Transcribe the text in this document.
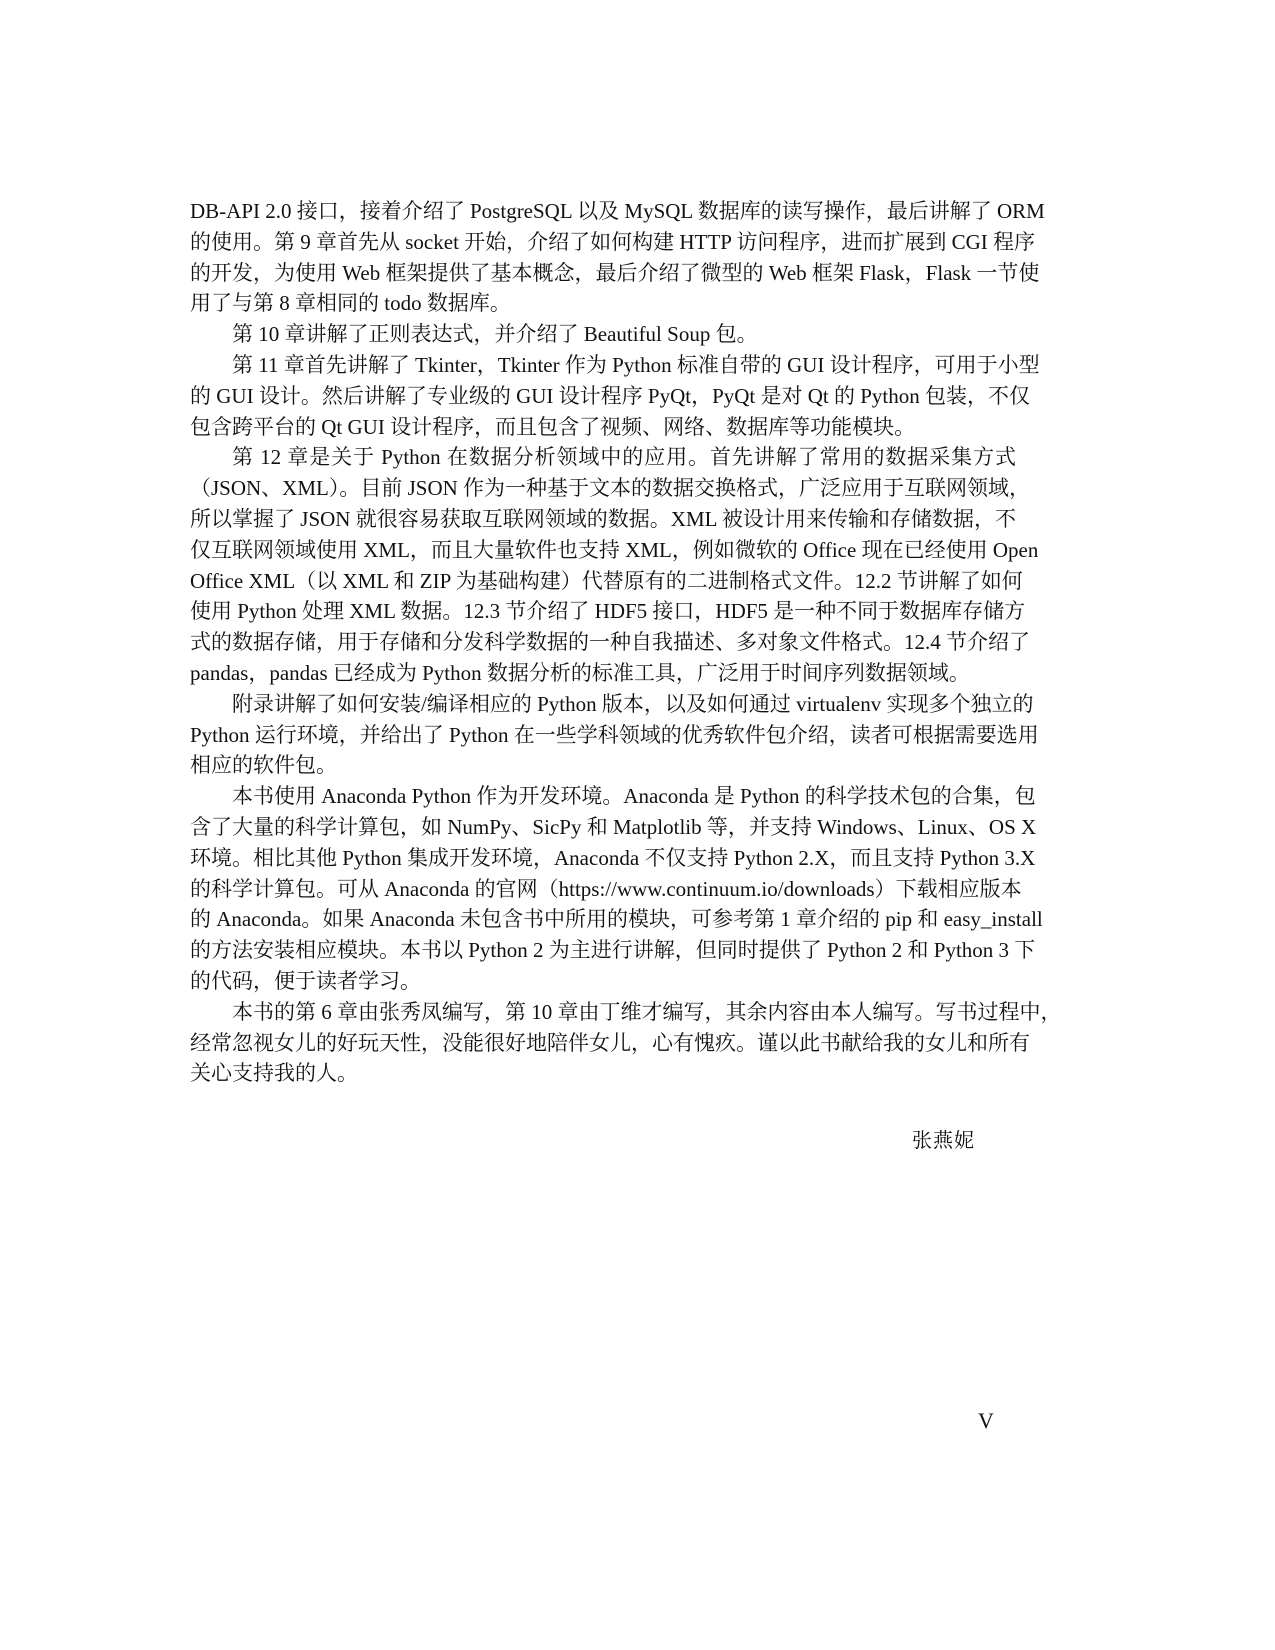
DB-API 2.0 接口，接着介绍了 PostgreSQL 以及 MySQL 数据库的读写操作，最后讲解了 ORM
的使用。第 9 章首先从 socket 开始，介绍了如何构建 HTTP 访问程序，进而扩展到 CGI 程序
的开发，为使用 Web 框架提供了基本概念，最后介绍了微型的 Web 框架 Flask，Flask 一节使
用了与第 8 章相同的 todo 数据库。
第 10 章讲解了正则表达式，并介绍了 Beautiful Soup 包。
第 11 章首先讲解了 Tkinter，Tkinter 作为 Python 标准自带的 GUI 设计程序，可用于小型
的 GUI 设计。然后讲解了专业级的 GUI 设计程序 PyQt，PyQt 是对 Qt 的 Python 包装，不仅
包含跨平台的 Qt GUI 设计程序，而且包含了视频、网络、数据库等功能模块。
第 12 章是关于 Python 在数据分析领域中的应用。首先讲解了常用的数据采集方式
（JSON、XML）。目前 JSON 作为一种基于文本的数据交换格式，广泛应用于互联网领域，
所以掌握了 JSON 就很容易获取互联网领域的数据。XML 被设计用来传输和存储数据，不
仅互联网领域使用 XML，而且大量软件也支持 XML，例如微软的 Office 现在已经使用 Open
Office XML（以 XML 和 ZIP 为基础构建）代替原有的二进制格式文件。12.2 节讲解了如何
使用 Python 处理 XML 数据。12.3 节介绍了 HDF5 接口，HDF5 是一种不同于数据库存储方
式的数据存储，用于存储和分发科学数据的一种自我描述、多对象文件格式。12.4 节介绍了
pandas，pandas 已经成为 Python 数据分析的标准工具，广泛用于时间序列数据领域。
附录讲解了如何安装/编译相应的 Python 版本，以及如何通过 virtualenv 实现多个独立的
Python 运行环境，并给出了 Python 在一些学科领域的优秀软件包介绍，读者可根据需要选用
相应的软件包。
本书使用 Anaconda Python 作为开发环境。Anaconda 是 Python 的科学技术包的合集，包
含了大量的科学计算包，如 NumPy、SicPy 和 Matplotlib 等，并支持 Windows、Linux、OS X
环境。相比其他 Python 集成开发环境，Anaconda 不仅支持 Python 2.X，而且支持 Python 3.X
的科学计算包。可从 Anaconda 的官网（https://www.continuum.io/downloads）下载相应版本
的 Anaconda。如果 Anaconda 未包含书中所用的模块，可参考第 1 章介绍的 pip 和 easy_install
的方法安装相应模块。本书以 Python 2 为主进行讲解，但同时提供了 Python 2 和 Python 3 下
的代码，便于读者学习。
本书的第 6 章由张秀凤编写，第 10 章由丁维才编写，其余内容由本人编写。写书过程中，
经常忽视女儿的好玩天性，没能很好地陪伴女儿，心有愧疚。谨以此书献给我的女儿和所有
关心支持我的人。
张燕妮
V
